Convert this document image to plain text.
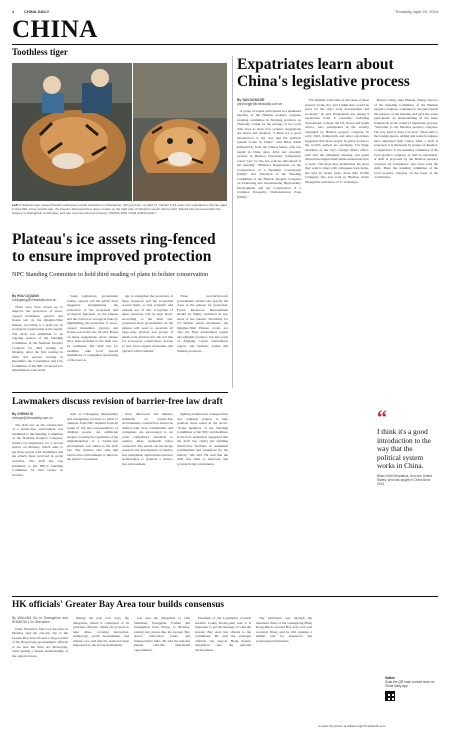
4 CHINA DAILY	Thursday, April 25, 2024
CHINA
Toothless tiger
Left: A Siberian tiger named Tianshi undergoes a tooth extraction in Changchun, Jilin province, on April 17. Tianshi is 16 years old, equivalent to human aged in their 80s. A few months ago, the breeder discovered her upper molars on the right side of Tianshi's mouth. Above right: Tianshi has recovered after the surgery in Changchun on Monday, and can now eat soft food properly. ZHANG NAN / FOR CHINA DAILY
Expatriates learn about China's legislative process
By YAN DONGJIE
yandongjie@chinadaily.com.cn

A group of expats participated in a simulated meeting of the Haidian people's congress standing committee in Zhejiang province on Thursday, voting for the passage of two local draft laws to learn how people's suggestions are heard and adopted. "I think it's a good introduction to the way that the political system works in China," said Brian Keith Kirkpatrick, from the United States, who has taught in China since 2014 and currently lectures at Huzhou University. Kirkpatrick voted "yes" for the two policies introduced at the meeting: "Huzhou's Regulations on the Construction of a Beautiful Countryside (Draft)" and "Decision of the Standing Committee of the Huzhou People's Congress on Promoting and Guaranteeing High-quality Development and the Construction of a Common Prosperity Demonstration Zone (Draft)."

"I'm familiar with some of the ideas of these projects in the city, and I think they would be good for the city's local development and economy," he said. Kirkpatrick was among 9 expatriates from 6 countries, including Switzerland, Canada, the US, Korea and South Africa, who participated in the activity organized by Huzhou people's congress. In early 2023, Kirkpatrick and other expatriates suggested that more people be given access to the world's earliest tea ceremony. Liu Yang, chairman of the city's foreign affairs office, said that the simulated meeting and panel discussions helped them better understand how to write. The more they understand, the more they want to share with colleagues back home, she said. In recent years, more than 10,000 foreigners live and work in Huzhou, many through the assistance of 71 exchanges.

Before voting, Juan Manuel, Zheng, director of the Standing Committee of the Huzhou people's congress, explained to the participants the purpose of the meeting and gave the expat participants an understanding of the basic framework of the country's legislative process. "Welcome to the Huzhou people's congress. I'm very glad to have you here," Yuan said to the foreign guests, adding that some foreigners have expressed their views. After a draft is proposed, it is discussed by groups of deputies, or legislators, to the standing committee of the local people's congress, as well as expatriates. A draft is proposed by the Huzhou people's congress for lawmakers, who have read the draft. Then, the standing committee of the local people's congress on the basis of the constitution.

“
I think it's a good introduction to the way that the political system works in China.
Brian Keith Kirkpatrick, from the United States, who has taught in China since 2014
Plateau's ice assets ring-fenced to ensure improved protection
NPC Standing Committee to hold third reading of plans to bolster conservation
By HOU LIQIANG
houliqiang@chinadaily.com.cn

Three laws have drawn up to improve the protection of snow-capped mountains, glaciers and frozen soil on the Qinghai-Tibet Plateau, according to a draft law on ecological conservation in the region. The draft was submitted to an ongoing session of the Standing Committee of the National People's Congress for third reading on Monday. After the first reading in 2022 and second reading in December, the Constitution and Law Committee of the NPC reviewed two amendments to the draft.

Some legislators, government bodies, experts and the public have suggested strengthening the protection of the ecosystem and ecological functions on the plateau and the control of ecological risks by highlighting the protection of snow-capped mountains, glaciers and frozen soil in the law, he said. Based on these suggestions, more clauses have been included in the draft law, he continued. The draft law, for example, asks local special institutions to strengthen monitoring of the sources.

age to strengthen the protection of these resources and the ecosystem around them, so that scientific and rational use of this ecosystem of these resources will be kept intact. According to the draft law, provincial-level governments on the plateau will need to ascertain all large-scale glaciers and groups of small-scale glaciers into the red line for ecological conservation. Access to key snow-capped mountains and glaciers will be limited.

Three provincial-level governments should also specify the areas of the plateau for protection. Forest Resources Development should be highly restricted in key areas of the plateau. Stretching for 2.5 million square kilometers, the Qinghai-Tibet Plateau covers not only the Tibet autonomous region and Qinghai province, but also parts of Xinjiang, Uygur autonomous region, and Sichuan, Gansu and Yunnan provinces.

Lawmakers discuss revision of barrier-free law draft
By CHENG SI
chengsi@chinadaily.com.cn

The draft law on the construction of a barrier-free environment was submitted to the Standing Committee of the National People's Congress, China's top legislature, for a second review on Monday, which aims to get more people with disabilities and the elderly more involved in social activities. The draft law was submitted to the NPC's Standing Committee for first review in October.

such as Chongqing municipality and Guangdong province to listen to opinions from NPC deputies from all walks of life and representatives of disabled people. An additional chapter covering the regulation of the implementation of a barrier-free environment was added to the draft law. The revision also asks that barrier-free environments to improve the public's awareness.

Also, third-level and industry standards on barrier-free environments construction should be drafted with local communities and companies are encouraged to set some compulsory standards to achieve these standards better connected. The nation can encourage research and development of barrier-free equipment, applications and new technologies to promote a barrier-free environment.

lighting architecture, transportation and computer science to help promote more talent in the sector. "Some members of the Standing Committee of the NPC and members from local authorities suggested that the draft law clarify the building barrier-free facilities in residential communities and residences for the elderly," Ma said. He said that the draft law aims to empower and provide living convenience.

HK officials' Greater Bay Area tour builds consensus
By WILLIAM XU in Guangzhou and SHADOW LI in Shenzhen

Chief Executive John Lee Ka-chiu on Monday said the one-day trip to the Greater Bay Area allowed a large portion of the Hong Kong government's officials to see how the cities are developing, while getting a deeper understanding of the region's future.

During the past four days, the delegation, which is comprised of 16 principal officials, visited six projects in nine cities, covering innovation, technology, youth development, and culture. Lee said that the team had been impressed by the strong momentum.

Lee said the delegation to visit Shenzhen, Dongguan, Foshan and Guangzhou from Friday to Monday, touring key places like the Greater Bay Area's innovation parks, and transportation hubs. He said the trip has helped officials understand opportunities.

President of the Legislative Council Andrew Leung Kwan-yuen said it is important to get the message of what the Greater Bay Area has offered to the community. He said the principal officials can support Hong Kong's integration into the national development.

The whirlwind tour through the mainland cities of the Guangdong-Hong Kong-Macao Greater Bay Area was well received. Wong said he will organize a similar tour for legislators and professional institutions.

Online
Scan the QR code to read more on China Daily app
Contact the writers at williamxu@chinadailyhk.com
